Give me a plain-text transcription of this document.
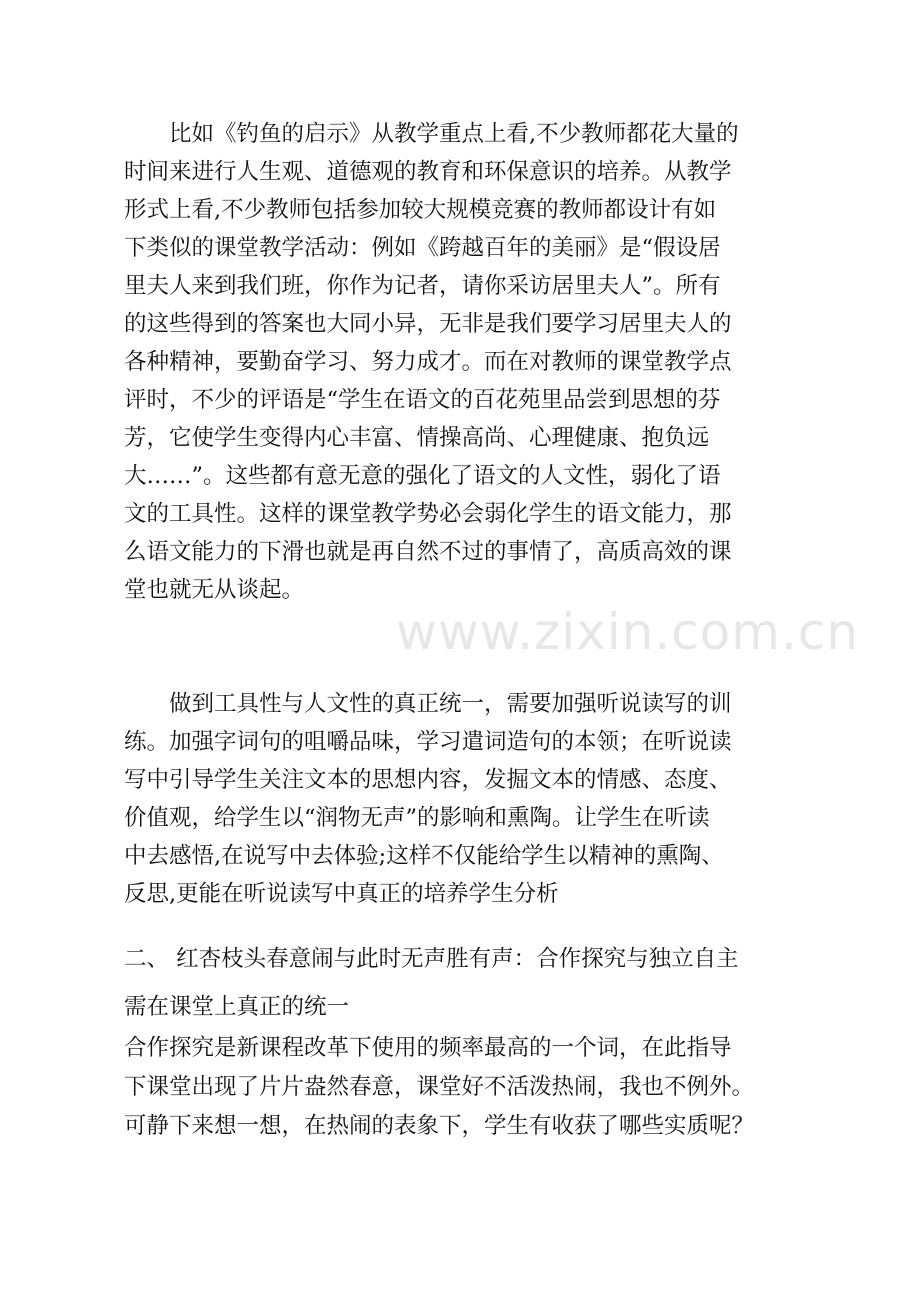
　　比如《钓鱼的启示》从教学重点上看,不少教师都花大量的
时间来进行人生观、道德观的教育和环保意识的培养。从教学
形式上看,不少教师包括参加较大规模竞赛的教师都设计有如
下类似的课堂教学活动：例如《跨越百年的美丽》是“假设居
里夫人来到我们班，你作为记者，请你采访居里夫人”。所有
的这些得到的答案也大同小异，无非是我们要学习居里夫人的
各种精神，要勤奋学习、努力成才。而在对教师的课堂教学点
评时，不少的评语是“学生在语文的百花苑里品尝到思想的芬
芳，它使学生变得内心丰富、情操高尚、心理健康、抱负远
大……”。这些都有意无意的强化了语文的人文性，弱化了语
文的工具性。这样的课堂教学势必会弱化学生的语文能力，那
么语文能力的下滑也就是再自然不过的事情了，高质高效的课
堂也就无从谈起。
　　做到工具性与人文性的真正统一，需要加强听说读写的训
练。加强字词句的咀嚼品味，学习遣词造句的本领；在听说读
写中引导学生关注文本的思想内容，发掘文本的情感、态度、
价值观，给学生以“润物无声”的影响和熏陶。让学生在听读
中去感悟,在说写中去体验;这样不仅能给学生以精神的熏陶、
反思,更能在听说读写中真正的培养学生分析
二、 红杏枝头春意闹与此时无声胜有声：合作探究与独立自主
需在课堂上真正的统一
合作探究是新课程改革下使用的频率最高的一个词，在此指导
下课堂出现了片片盎然春意，课堂好不活泼热闹，我也不例外。
可静下来想一想，在热闹的表象下，学生有收获了哪些实质呢？
www.zixin.com.cn
